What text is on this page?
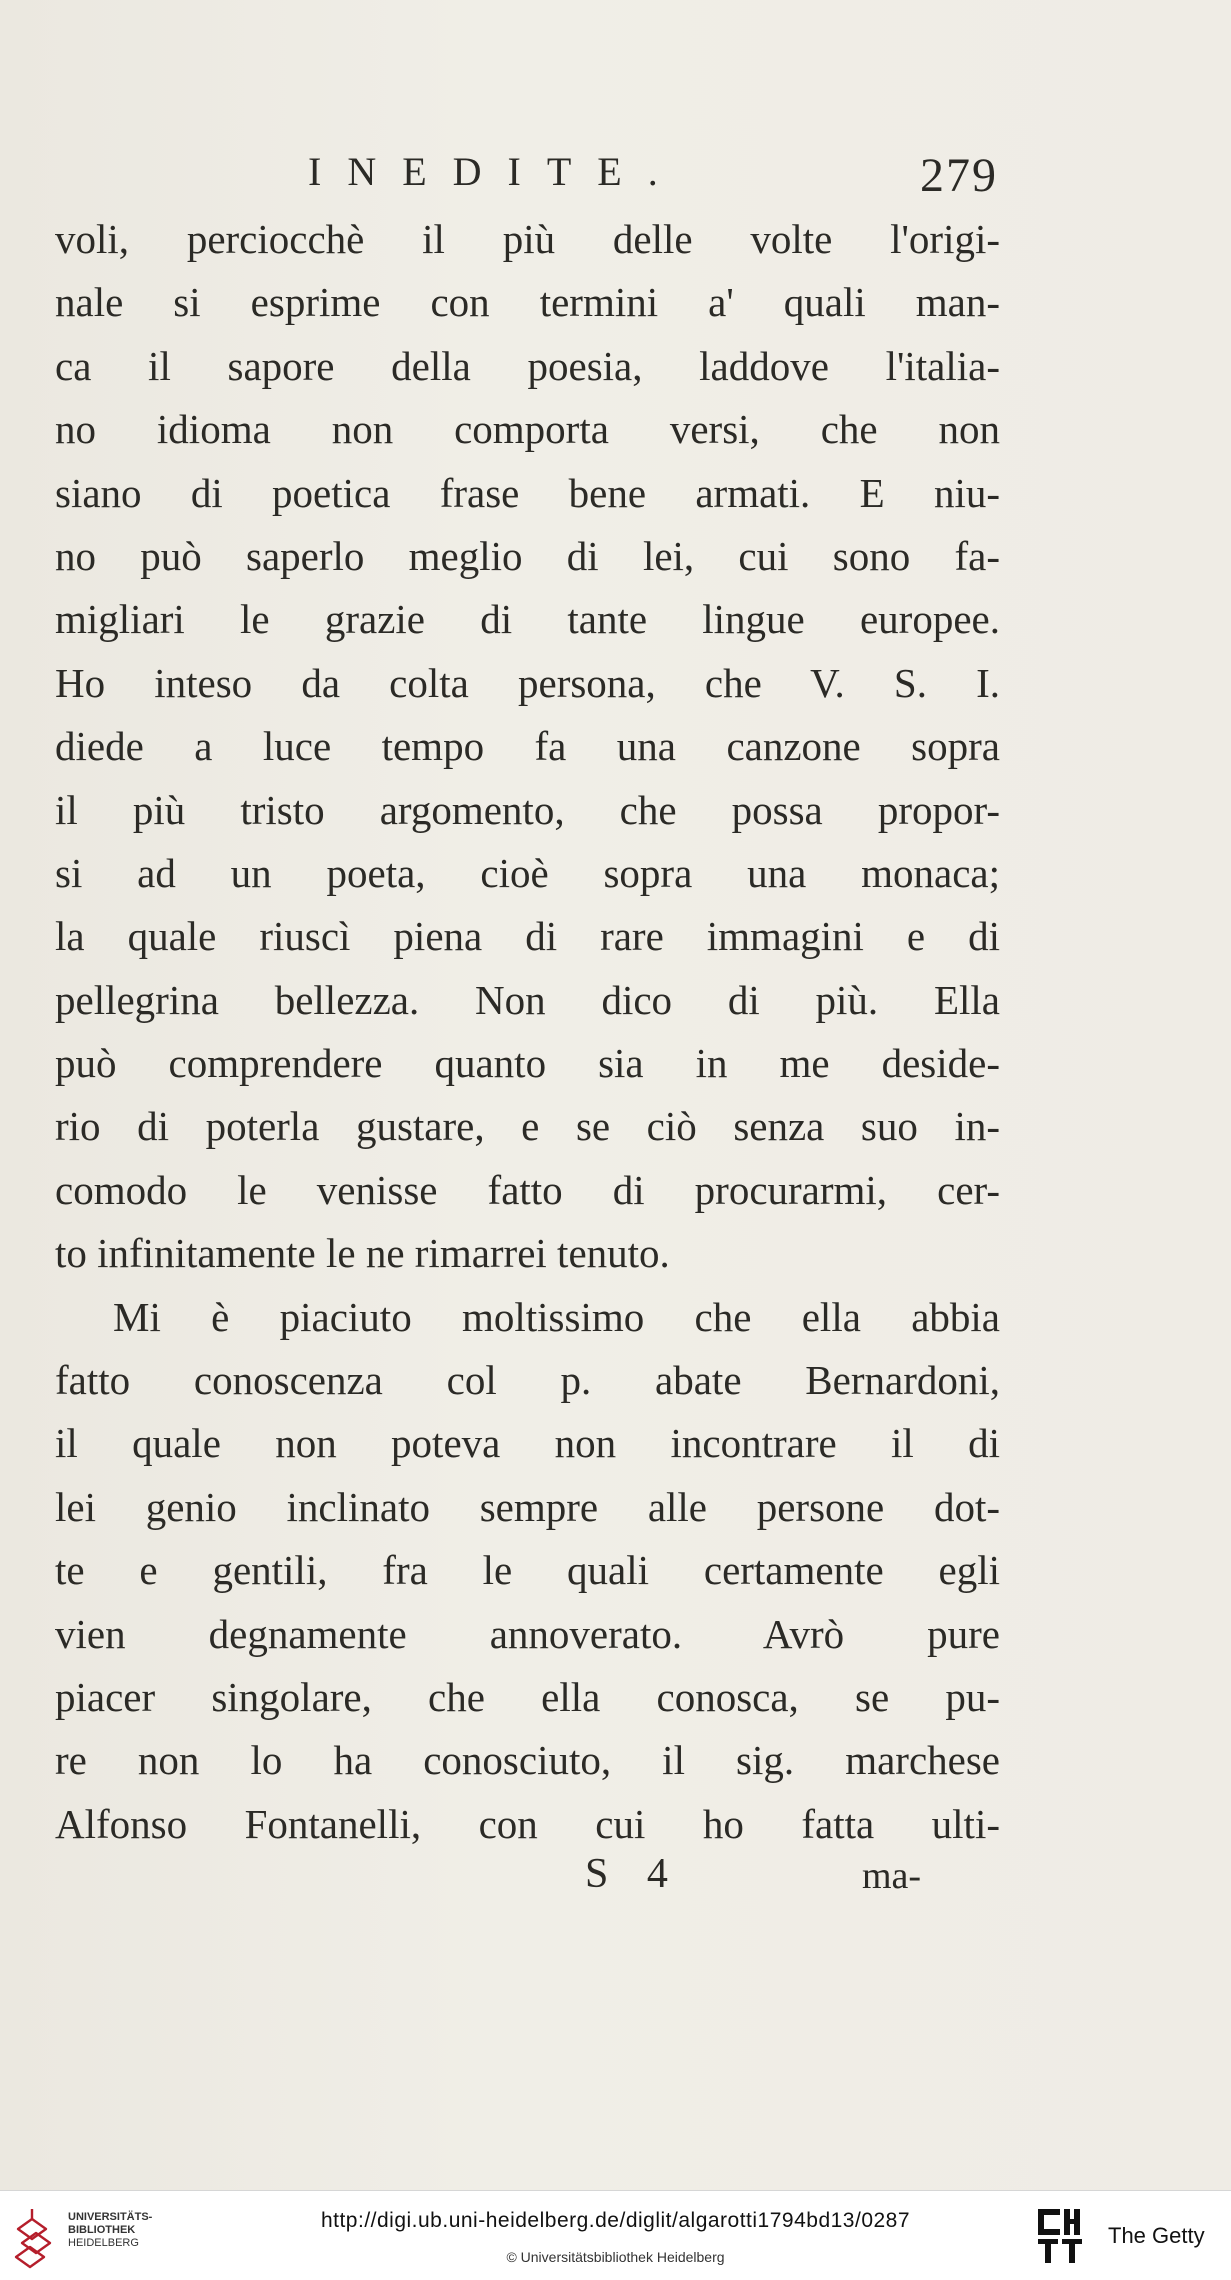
INEDITE.	279
voli, perciocchè il più delle volte l'origi-
nale si esprime con termini a' quali man-
ca il sapore della poesia, laddove l'italia-
no idioma non comporta versi, che non
siano di poetica frase bene armati. E niu-
no può saperlo meglio di lei, cui sono fa-
migliari le grazie di tante lingue europee.
Ho inteso da colta persona, che V. S. I.
diede a luce tempo fa una canzone sopra
il più tristo argomento, che possa propor-
si ad un poeta, cioè sopra una monaca;
la quale riuscì piena di rare immagini e di
pellegrina bellezza. Non dico di più. Ella
può comprendere quanto sia in me deside-
rio di poterla gustare, e se ciò senza suo in-
comodo le venisse fatto di procurarmi, cer-
to infinitamente le ne rimarrei tenuto.
Mi è piaciuto moltissimo che ella abbia
fatto conoscenza col p. abate Bernardoni,
il quale non poteva non incontrare il di
lei genio inclinato sempre alle persone dot-
te e gentili, fra le quali certamente egli
vien degnamente annoverato. Avrò pure
piacer singolare, che ella conosca, se pu-
re non lo ha conosciuto, il sig. marchese
Alfonso Fontanelli, con cui ho fatta ulti-
S 4	ma-
UNIVERSITÄTS-
BIBLIOTHEK
HEIDELBERG
http://digi.ub.uni-heidelberg.de/diglit/algarotti1794bd13/0287
© Universitätsbibliothek Heidelberg
The Getty
